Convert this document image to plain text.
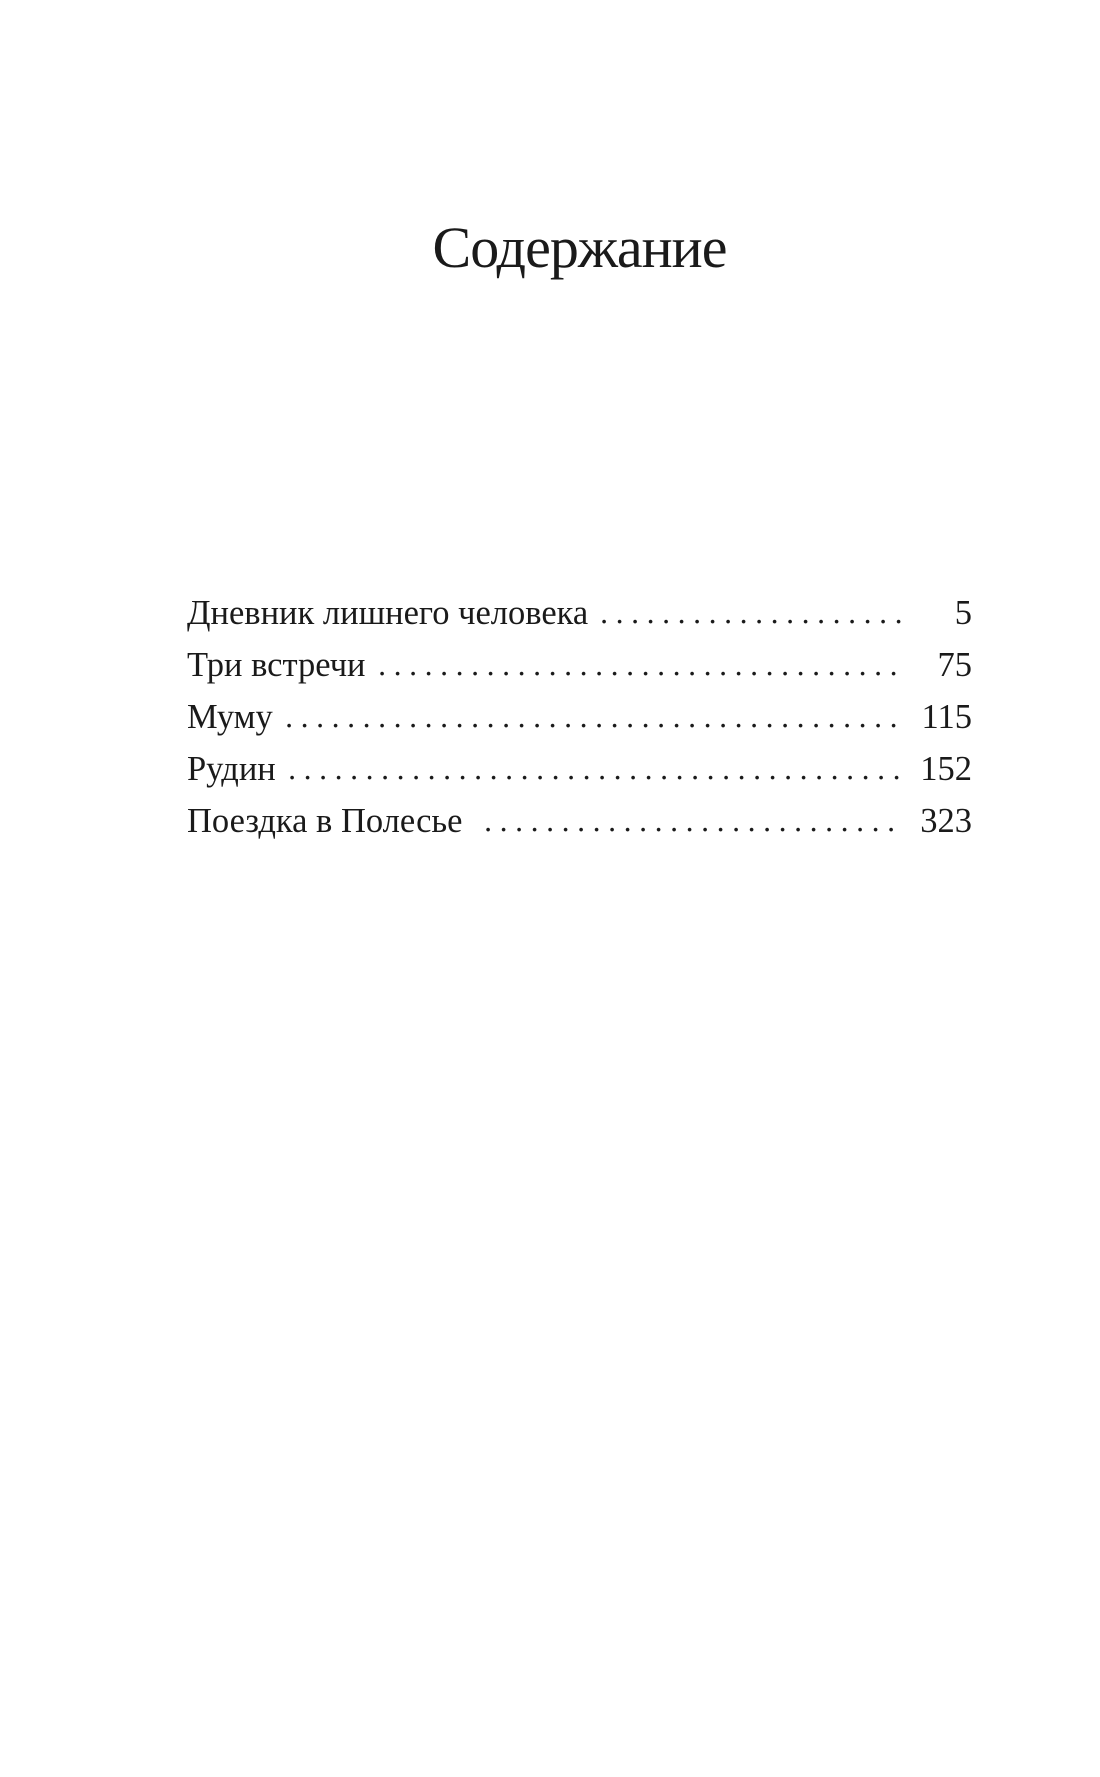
Содержание
Дневник лишнего человека	5
Три встречи	75
Муму	115
Рудин	152
Поездка в Полесье	323
